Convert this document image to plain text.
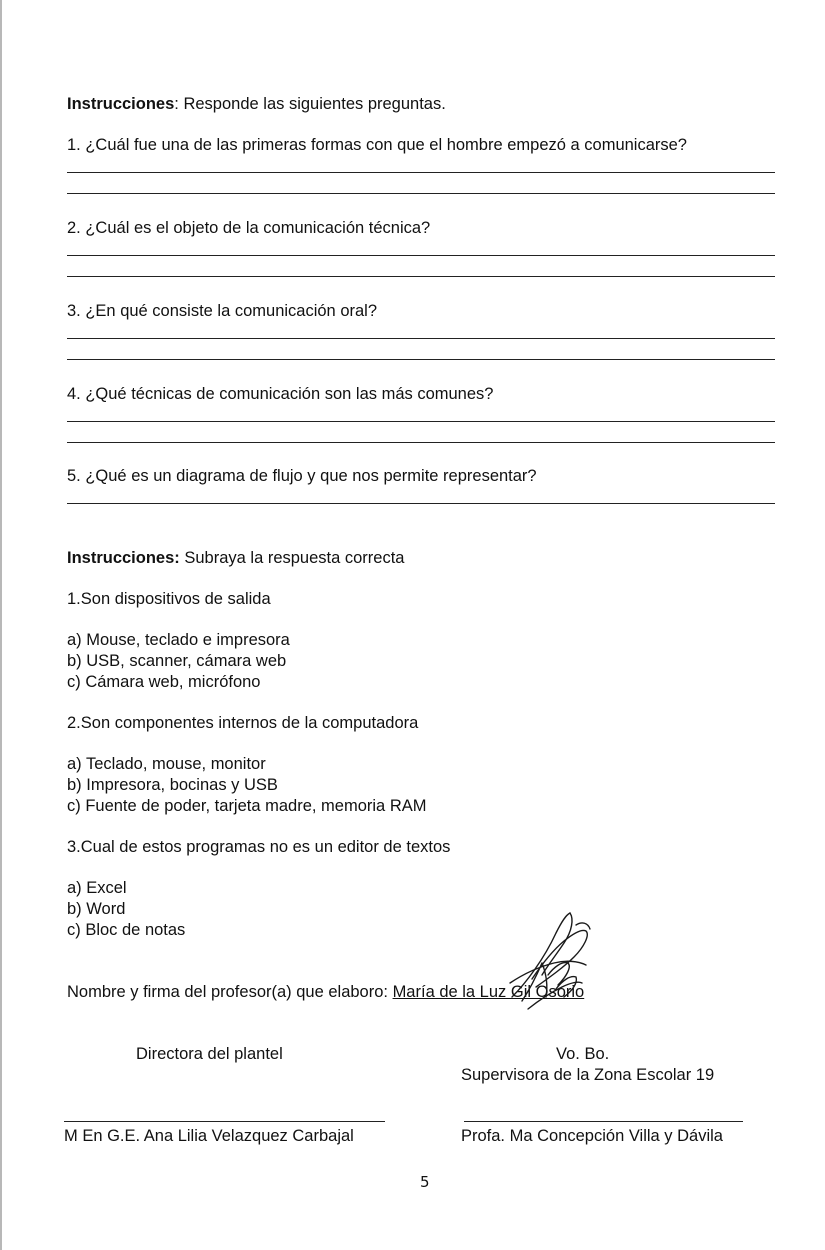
Instrucciones: Responde las siguientes preguntas.
1. ¿Cuál fue una de las primeras formas con que el hombre empezó a comunicarse?
2. ¿Cuál es el objeto de la comunicación técnica?
3. ¿En qué consiste la comunicación oral?
4. ¿Qué técnicas de comunicación son las más comunes?
5. ¿Qué es un diagrama de flujo y que nos permite representar?
Instrucciones: Subraya la respuesta correcta
1.Son dispositivos de salida
a) Mouse, teclado e impresora
b) USB, scanner, cámara web
c) Cámara web, micrófono
2.Son componentes internos de la computadora
a) Teclado, mouse, monitor
b) Impresora, bocinas y USB
c) Fuente de poder, tarjeta madre, memoria RAM
3.Cual de estos programas no es un editor de textos
a) Excel
b) Word
c) Bloc de notas
Nombre y firma del profesor(a) que elaboro: María de la Luz Gil Osorio
Directora del plantel	Vo. Bo.
Supervisora de la Zona Escolar 19
M En G.E. Ana Lilia Velazquez Carbajal	Profa. Ma Concepción Villa y Dávila
5
